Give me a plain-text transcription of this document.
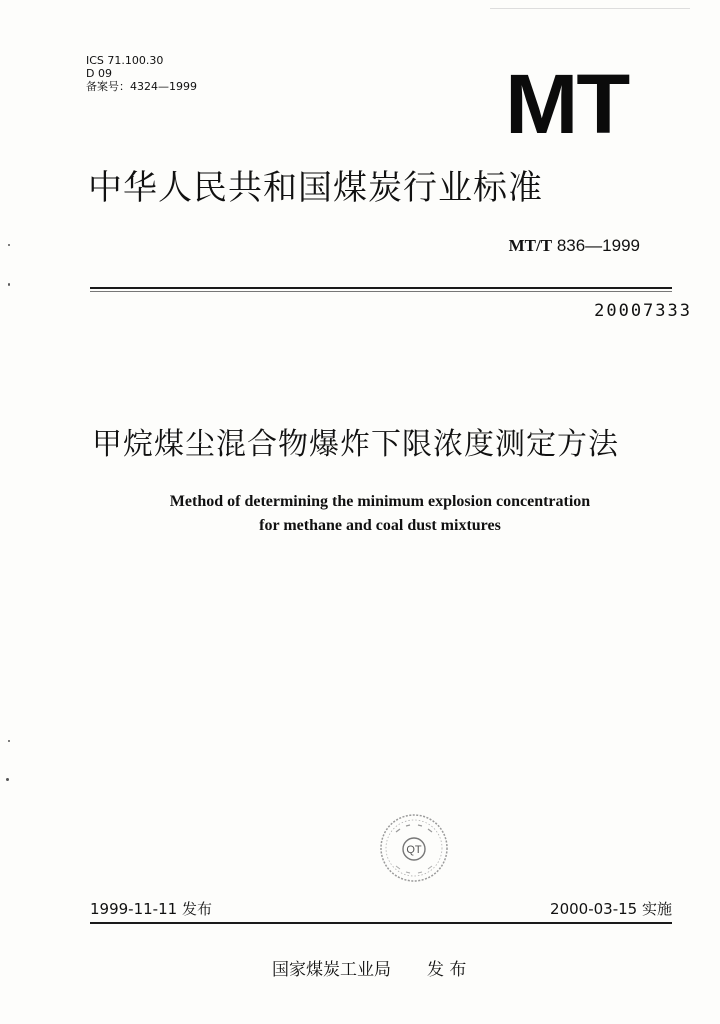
ICS 71.100.30
D 09
备案号：4324—1999	MT
中华人民共和国煤炭行业标准
MT/T 836—1999
20007333
甲烷煤尘混合物爆炸下限浓度测定方法
Method of determining the minimum explosion concentration
for methane and coal dust mixtures
QT
1999-11-11 发布	2000-03-15 实施
国家煤炭工业局 发 布
